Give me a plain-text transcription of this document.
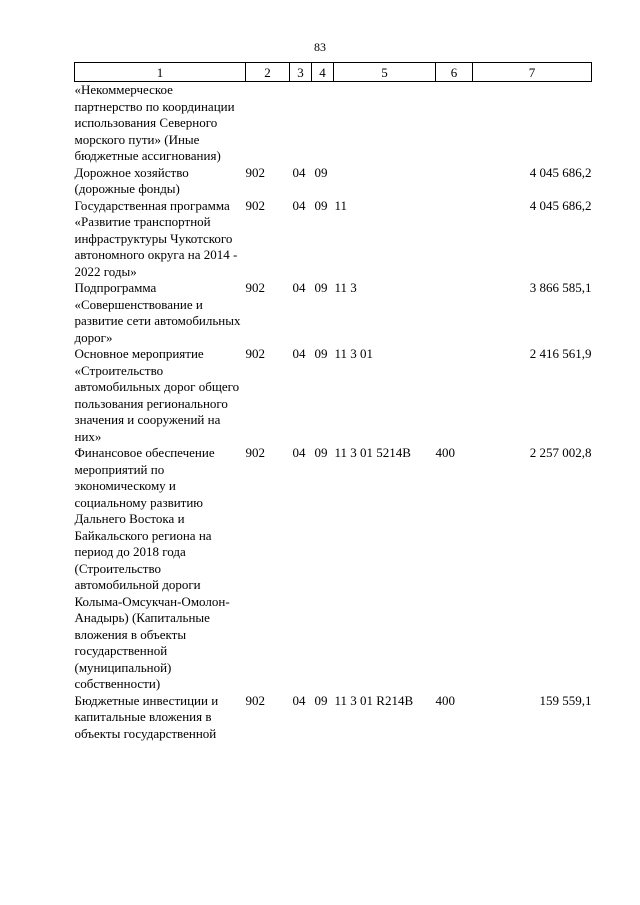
83
1	2	3	4	5	6	7
«Некоммерческое партнерство по координации использования Северного морского пути» (Иные бюджетные ассигнования)						
Дорожное хозяйство (дорожные фонды)	902	04	09			4 045 686,2
Государственная программа «Развитие транспортной инфраструктуры Чукотского автономного округа на 2014 - 2022 годы»	902	04	09	11		4 045 686,2
Подпрограмма «Совершенствование и развитие сети автомобильных дорог»	902	04	09	11 3		3 866 585,1
Основное мероприятие «Строительство автомобильных дорог общего пользования регионального значения и сооружений на них»	902	04	09	11 3 01		2 416 561,9
Финансовое обеспечение мероприятий по экономическому и социальному развитию Дальнего Востока и Байкальского региона на период до 2018 года (Строительство автомобильной дороги Колыма-Омсукчан-Омолон-Анадырь) (Капитальные вложения в объекты государственной (муниципальной) собственности)	902	04	09	11 3 01 5214В	400	2 257 002,8
Бюджетные инвестиции и капитальные вложения в объекты государственной	902	04	09	11 3 01 R214В	400	159 559,1
